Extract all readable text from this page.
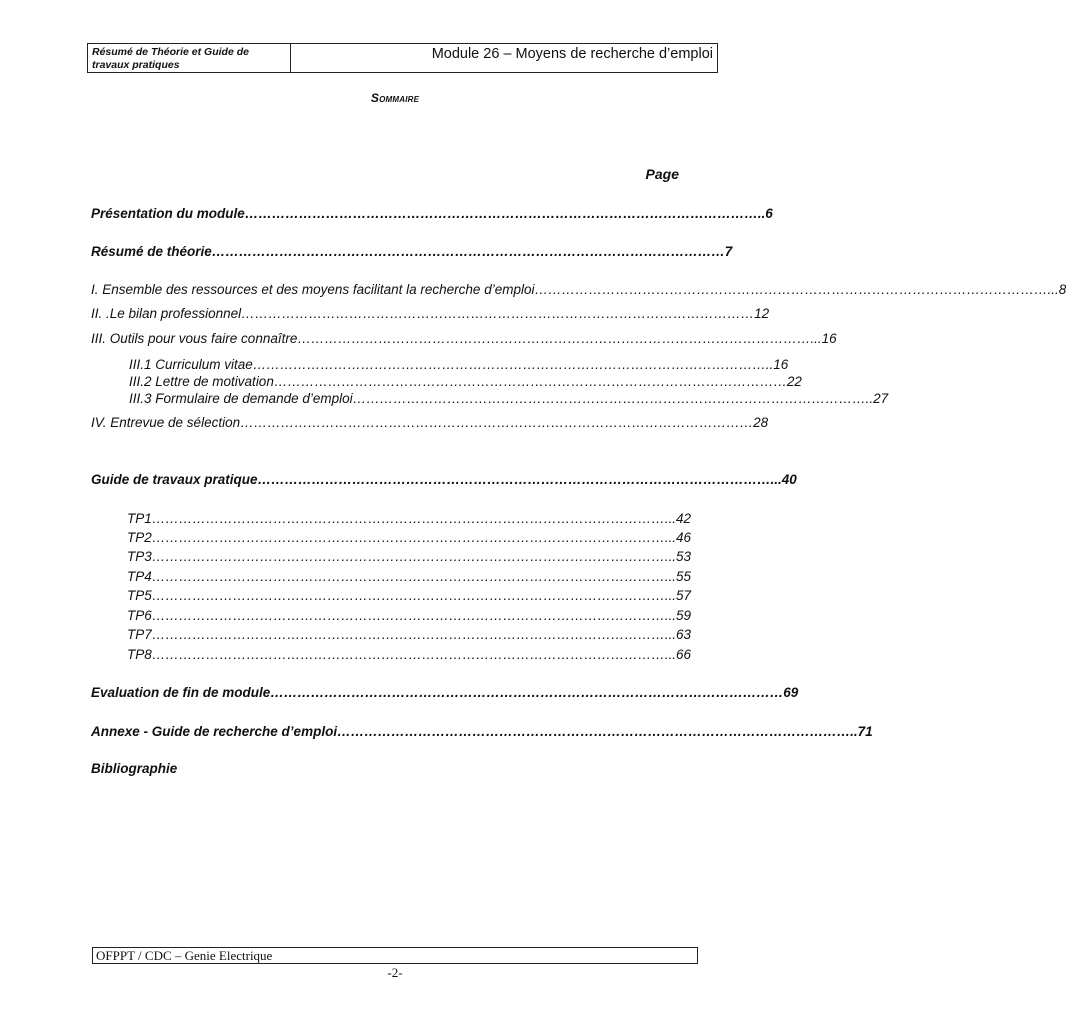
Résumé de Théorie et Guide de
travaux pratiques
Module 26 – Moyens de recherche d’emploi
Sommaire
Page
Présentation du module …………………………………………………………………………………………………… ..6
Résumé de théorie …………………………………………………………………………………………………… 7
I. Ensemble des ressources et des moyens facilitant la recherche d’emploi …………………………………………………………………………………………………… ...8
II. .Le bilan professionnel …………………………………………………………………………………………………… 12
III. Outils pour vous faire connaître …………………………………………………………………………………………………… ...16
III.1 Curriculum vitae …………………………………………………………………………………………………… ..16
III.2 Lettre de motivation …………………………………………………………………………………………………… 22
III.3 Formulaire de demande d’emploi …………………………………………………………………………………………………… ..27
IV. Entrevue de sélection …………………………………………………………………………………………………… 28
Guide de travaux pratique …………………………………………………………………………………………………… ...40
TP1 …………………………………………………………………………………………………… ...42
TP2 …………………………………………………………………………………………………… ...46
TP3 …………………………………………………………………………………………………… ...53
TP4 …………………………………………………………………………………………………… ...55
TP5 …………………………………………………………………………………………………… ...57
TP6 …………………………………………………………………………………………………… ...59
TP7 …………………………………………………………………………………………………… ...63
TP8 …………………………………………………………………………………………………… ...66
Evaluation de fin de module …………………………………………………………………………………………………… 69
Annexe - Guide de recherche d’emploi …………………………………………………………………………………………………… ..71
Bibliographie
OFPPT / CDC – Genie Electrique
-2-
